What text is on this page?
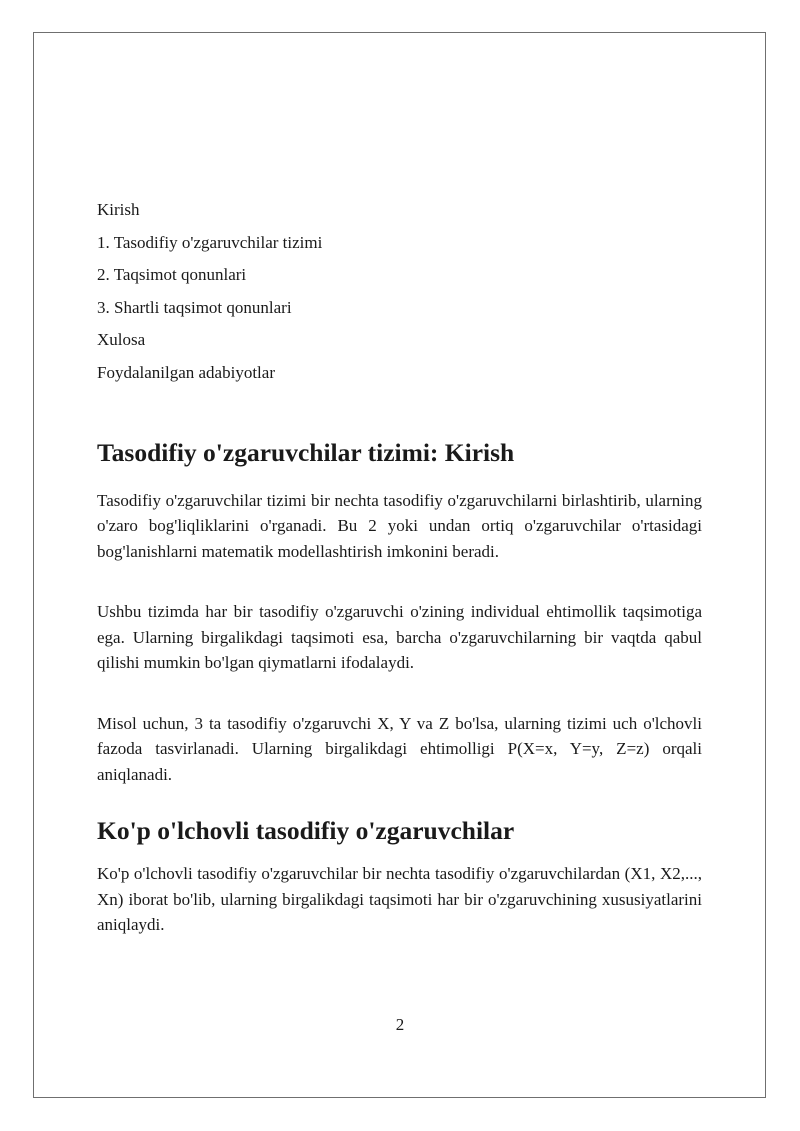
Kirish
1. Tasodifiy o'zgaruvchilar tizimi
2. Taqsimot qonunlari
3. Shartli taqsimot qonunlari
Xulosa
Foydalanilgan adabiyotlar
Tasodifiy o'zgaruvchilar tizimi: Kirish

Tasodifiy o'zgaruvchilar tizimi bir nechta tasodifiy o'zgaruvchilarni birlashtirib, ularning o'zaro bog'liqliklarini o'rganadi. Bu 2 yoki undan ortiq o'zgaruvchilar o'rtasidagi bog'lanishlarni matematik modellashtirish imkonini beradi.

Ushbu tizimda har bir tasodifiy o'zgaruvchi o'zining individual ehtimollik taqsimotiga ega. Ularning birgalikdagi taqsimoti esa, barcha o'zgaruvchilarning bir vaqtda qabul qilishi mumkin bo'lgan qiymatlarni ifodalaydi.

Misol uchun, 3 ta tasodifiy o'zgaruvchi X, Y va Z bo'lsa, ularning tizimi uch o'lchovli fazoda tasvirlanadi. Ularning birgalikdagi ehtimolligi P(X=x, Y=y, Z=z) orqali aniqlanadi.

Ko'p o'lchovli tasodifiy o'zgaruvchilar

Ko'p o'lchovli tasodifiy o'zgaruvchilar bir nechta tasodifiy o'zgaruvchilardan (X1, X2,..., Xn) iborat bo'lib, ularning birgalikdagi taqsimoti har bir o'zgaruvchining xususiyatlarini aniqlaydi.

2
